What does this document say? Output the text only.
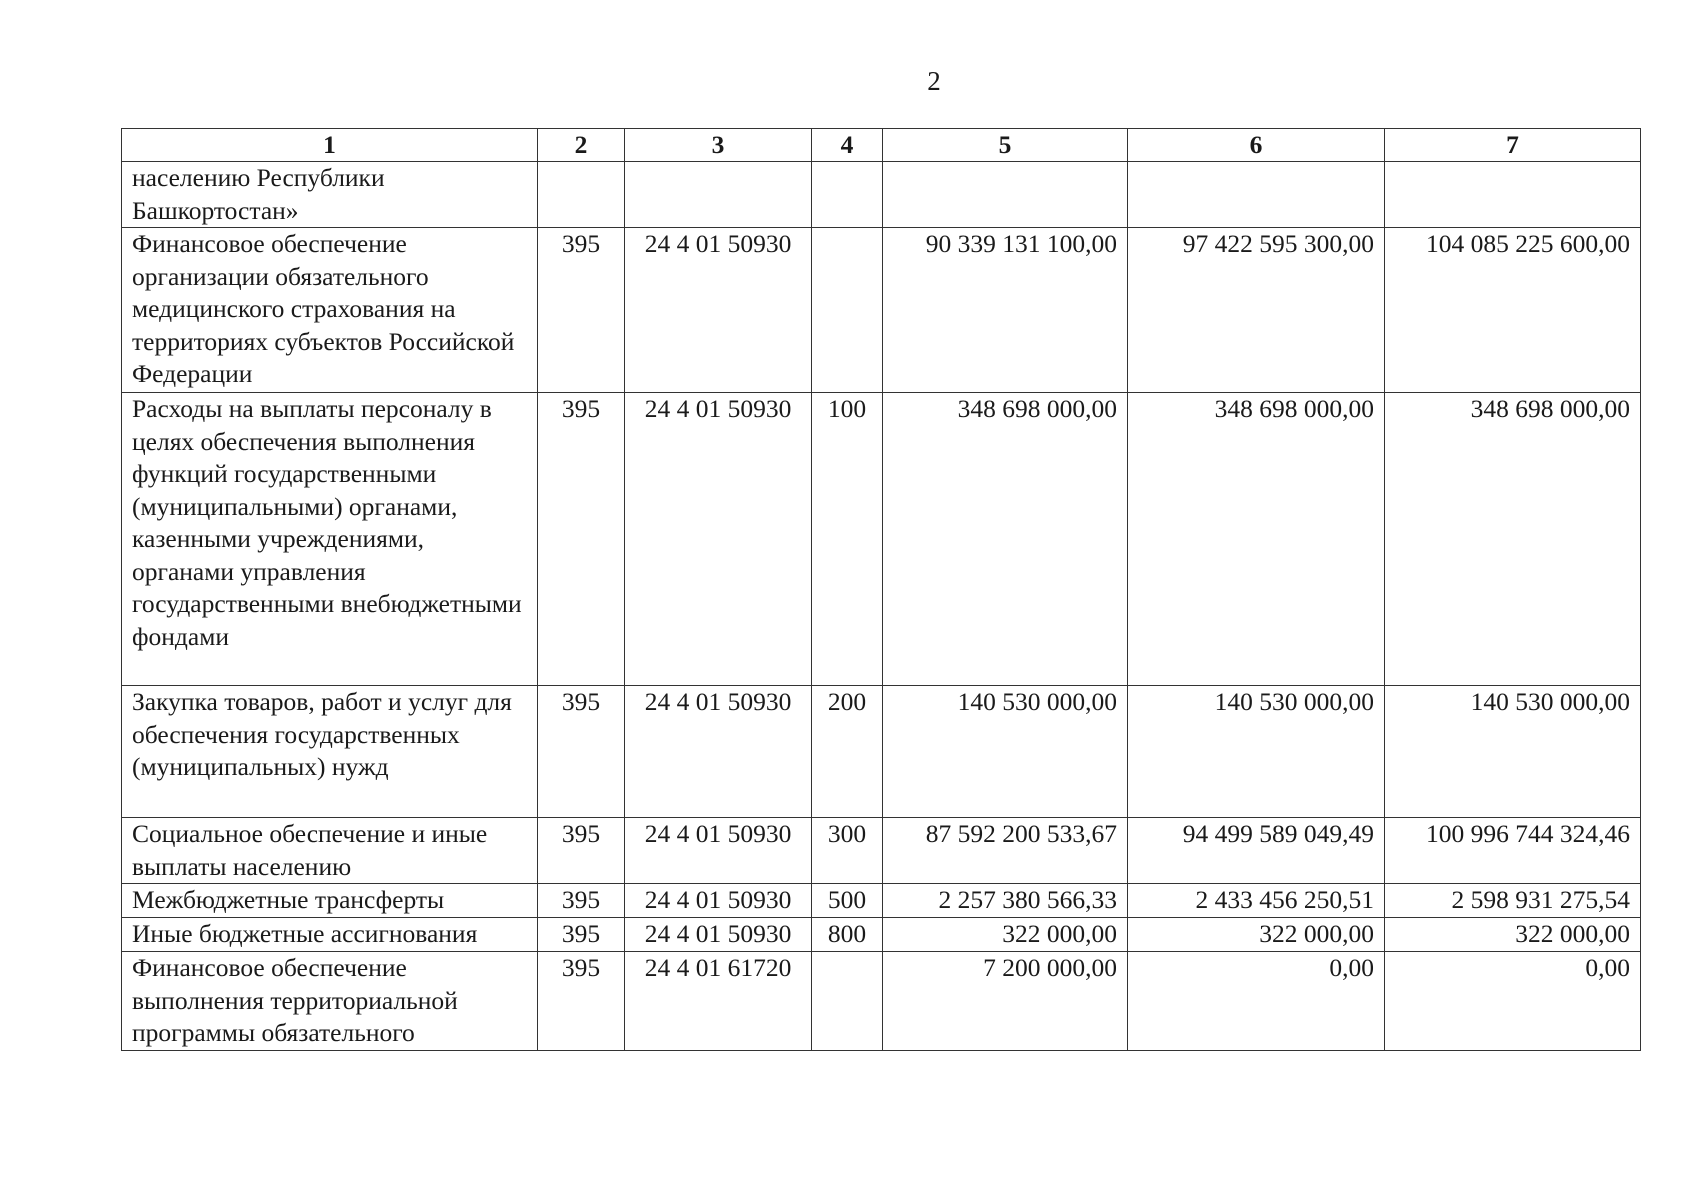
2
1	2	3	4	5	6	7
населению Республики Башкортостан»						
Финансовое обеспечение организации обязательного медицинского страхования на территориях субъектов Российской Федерации	395	24 4 01 50930		90 339 131 100,00	97 422 595 300,00	104 085 225 600,00
Расходы на выплаты персоналу в целях обеспечения выполнения функций государственными (муниципальными) органами, казенными учреждениями, органами управления государственными внебюджетными фондами	395	24 4 01 50930	100	348 698 000,00	348 698 000,00	348 698 000,00
Закупка товаров, работ и услуг для обеспечения государственных (муниципальных) нужд	395	24 4 01 50930	200	140 530 000,00	140 530 000,00	140 530 000,00
Социальное обеспечение и иные выплаты населению	395	24 4 01 50930	300	87 592 200 533,67	94 499 589 049,49	100 996 744 324,46
Межбюджетные трансферты	395	24 4 01 50930	500	2 257 380 566,33	2 433 456 250,51	2 598 931 275,54
Иные бюджетные ассигнования	395	24 4 01 50930	800	322 000,00	322 000,00	322 000,00
Финансовое обеспечение выполнения территориальной программы обязательного	395	24 4 01 61720		7 200 000,00	0,00	0,00
